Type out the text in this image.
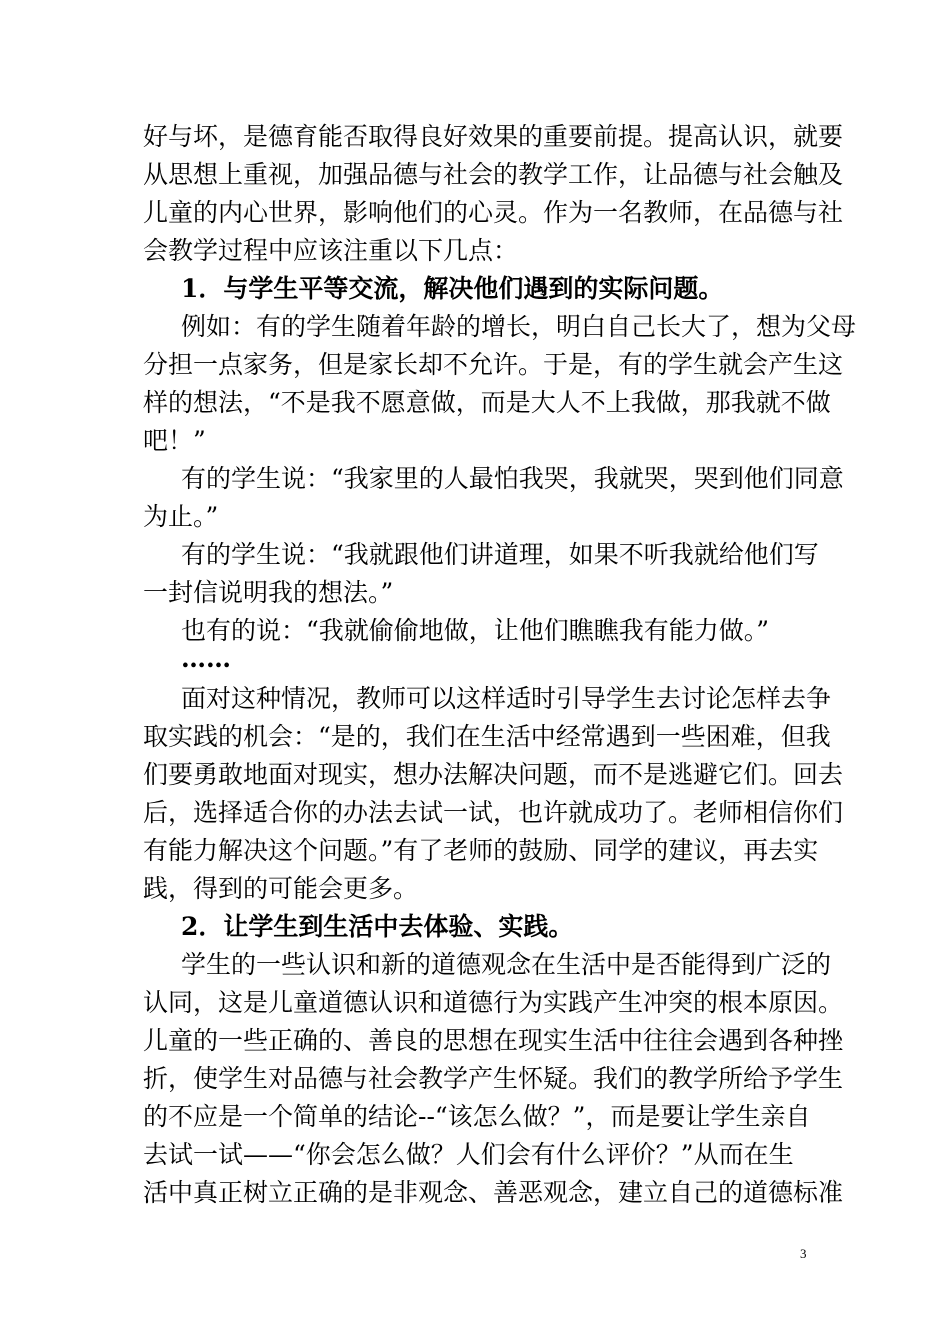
好与坏，是德育能否取得良好效果的重要前提。提高认识，就要
从思想上重视，加强品德与社会的教学工作，让品德与社会触及
儿童的内心世界，影响他们的心灵。作为一名教师，在品德与社
会教学过程中应该注重以下几点：
1．与学生平等交流，解决他们遇到的实际问题。
例如：有的学生随着年龄的增长，明白自己长大了，想为父母
分担一点家务，但是家长却不允许。于是，有的学生就会产生这
样的想法，“不是我不愿意做，而是大人不上我做，那我就不做
吧！”
有的学生说：“我家里的人最怕我哭，我就哭，哭到他们同意
为止。”
有的学生说：“我就跟他们讲道理，如果不听我就给他们写
一封信说明我的想法。”
也有的说：“我就偷偷地做，让他们瞧瞧我有能力做。”
……
面对这种情况，教师可以这样适时引导学生去讨论怎样去争
取实践的机会：“是的，我们在生活中经常遇到一些困难，但我
们要勇敢地面对现实，想办法解决问题，而不是逃避它们。回去
后，选择适合你的办法去试一试，也许就成功了。老师相信你们
有能力解决这个问题。”有了老师的鼓励、同学的建议，再去实
践，得到的可能会更多。
2．让学生到生活中去体验、实践。
学生的一些认识和新的道德观念在生活中是否能得到广泛的
认同，这是儿童道德认识和道德行为实践产生冲突的根本原因。
儿童的一些正确的、善良的思想在现实生活中往往会遇到各种挫
折，使学生对品德与社会教学产生怀疑。我们的教学所给予学生
的不应是一个简单的结论--“该怎么做？”，而是要让学生亲自
去试一试——“你会怎么做？人们会有什么评价？”从而在生
活中真正树立正确的是非观念、善恶观念，建立自己的道德标准
3
